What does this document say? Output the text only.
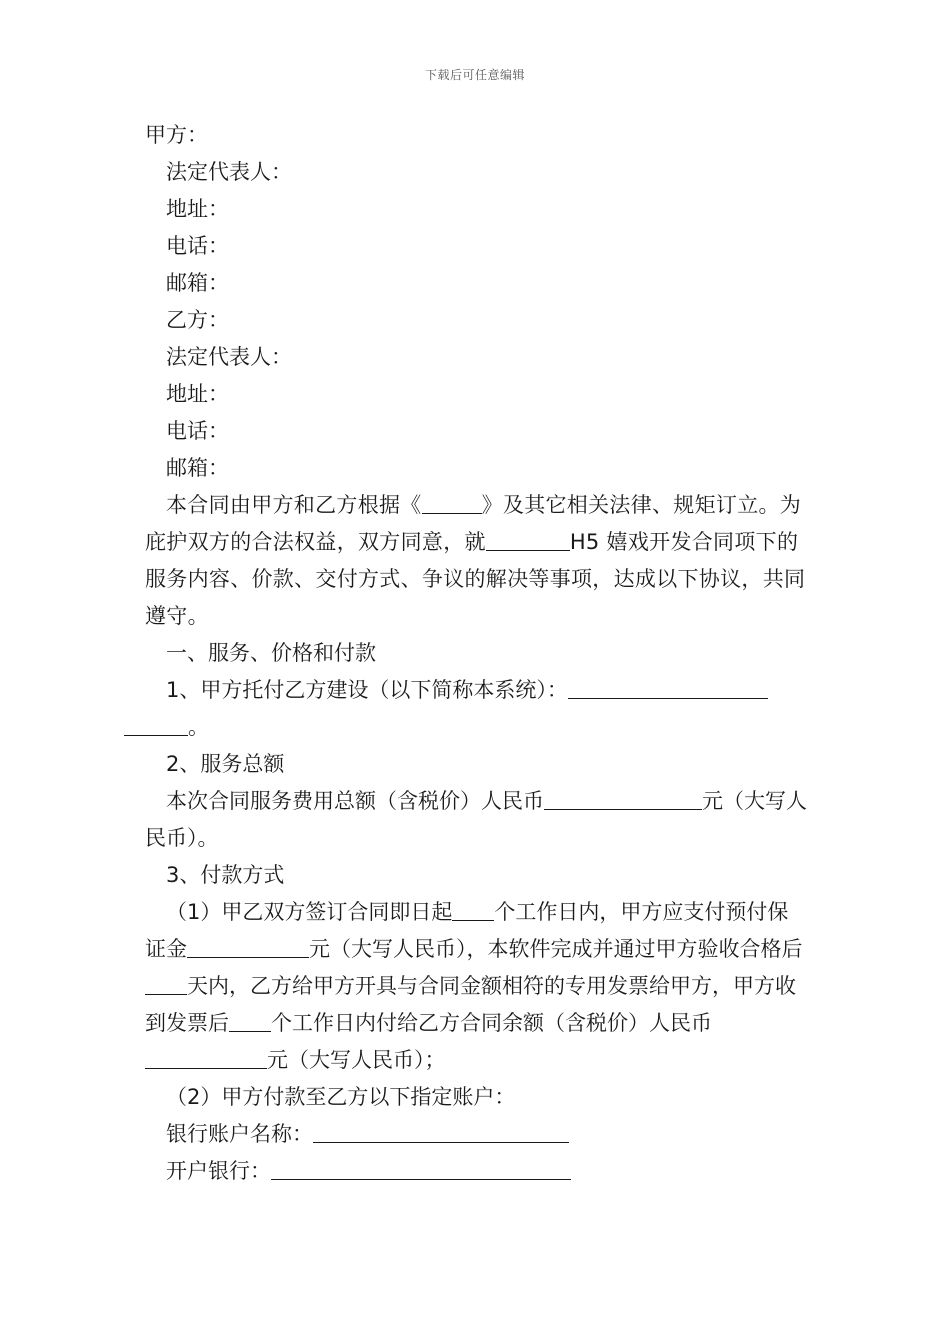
下载后可任意编辑

甲方：

法定代表人：

地址：

电话：

邮箱：

乙方：

法定代表人：

地址：

电话：

邮箱：

本合同由甲方和乙方根据《	》及其它相关法律、规矩订立。为庇护双方的合法权益，双方同意，就	H5 嬉戏开发合同项下的服务内容、价款、交付方式、争议的解决等事项，达成以下协议，共同遵守。

一、服务、价格和付款

1、甲方托付乙方建设（以下简称本系统）：。

2、服务总额

本次合同服务费用总额（含税价）人民币	元（大写人民币）。

3、付款方式

（1）甲乙双方签订合同即日起 个工作日内，甲方应支付预付保证金	元（大写人民币），本软件完成并通过甲方验收合格后天内，乙方给甲方开具与合同金额相符的专用发票给甲方，甲方收到发票后 个工作日内付给乙方合同余额（含税价）人民币元（大写人民币）；

（2）甲方付款至乙方以下指定账户：

银行账户名称：

开户银行：
